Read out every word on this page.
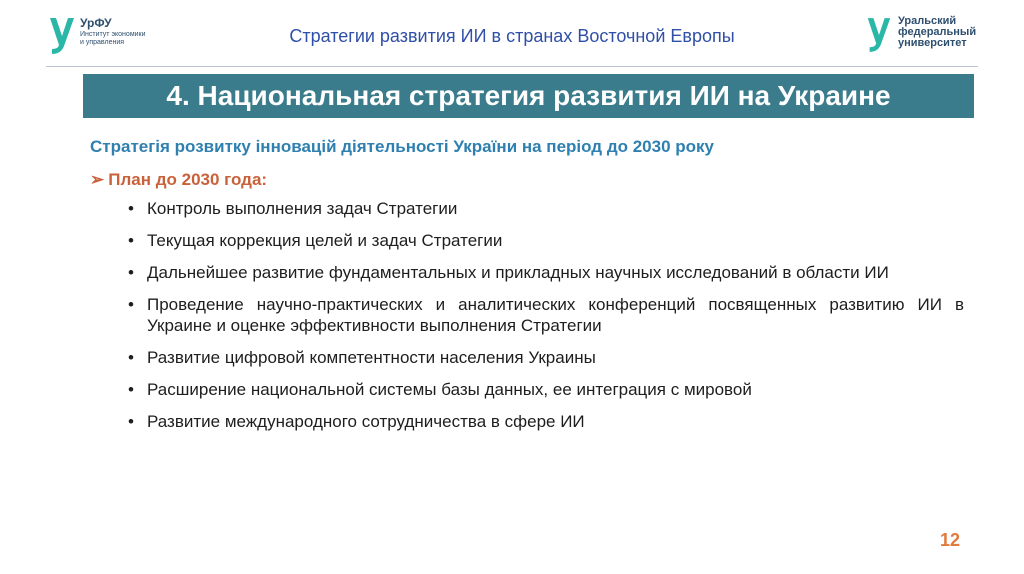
УрФУ
Институт экономики и управления	Стратегии развития ИИ в странах Восточной Европы
Уральский федеральный университет
4. Национальная стратегия развития ИИ на Украине
Стратегія розвитку інновацій діятельності України на період до 2030 року
➢ План до 2030 года:
• Контроль выполнения задач Стратегии
• Текущая коррекция целей и задач Стратегии
• Дальнейшее развитие фундаментальных и прикладных научных исследований в области ИИ
• Проведение научно-практических и аналитических конференций посвященных развитию ИИ в Украине и оценке эффективности выполнения Стратегии
• Развитие цифровой компетентности населения Украины
• Расширение национальной системы базы данных, ее интеграция с мировой
• Развитие международного сотрудничества в сфере ИИ
12
